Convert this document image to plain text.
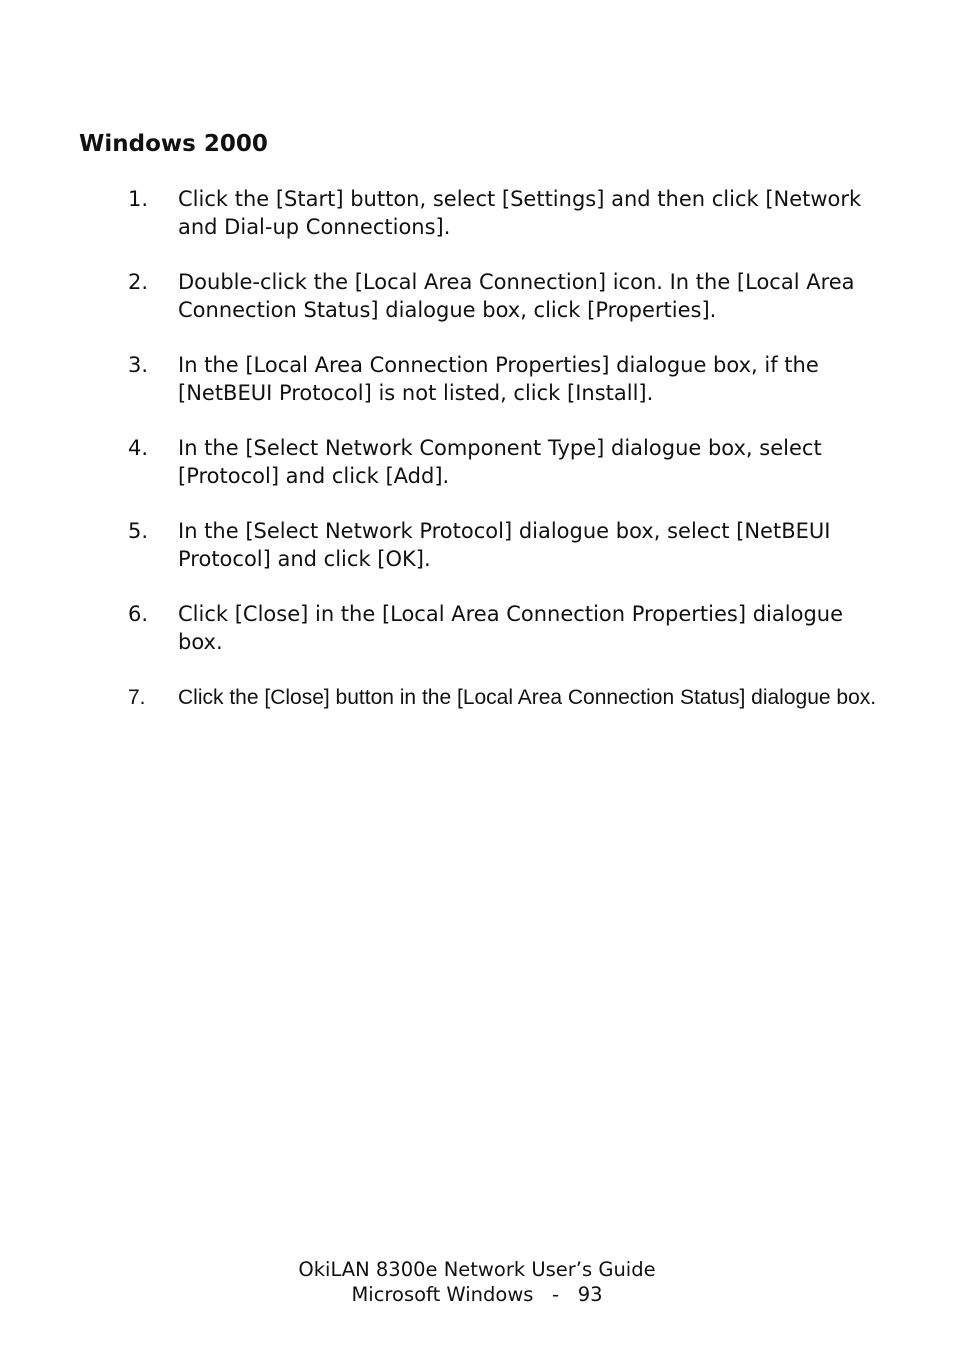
Windows 2000
1.	Click the [Start] button, select [Settings] and then click [Network and Dial-up Connections].
2.	Double-click the [Local Area Connection] icon. In the [Local Area Connection Status] dialogue box, click [Properties].
3.	In the [Local Area Connection Properties] dialogue box, if the [NetBEUI Protocol] is not listed, click [Install].
4.	In the [Select Network Component Type] dialogue box, select [Protocol] and click [Add].
5.	In the [Select Network Protocol] dialogue box, select [NetBEUI Protocol] and click [OK].
6.	Click [Close] in the [Local Area Connection Properties] dialogue box.
7.	Click the [Close] button in the [Local Area Connection Status] dialogue box.
OkiLAN 8300e Network User’s Guide
Microsoft Windows   -   93
